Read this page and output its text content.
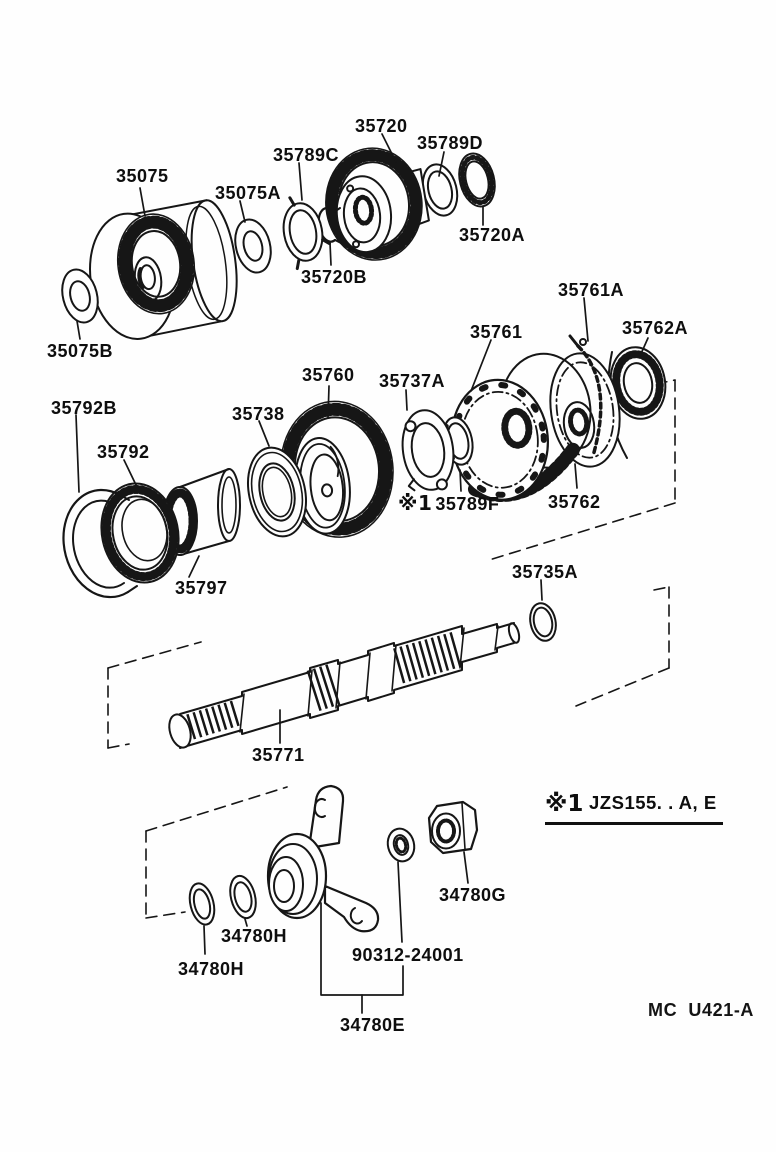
35720
35789C
35789D
35075
35075A
35720A
35720B
35075B
35761A
35761	35762A
35760 35737A
35792B	35738
35792
※1 35789F	35762
35797
35735A
35771
34780H
34780H
34780G
90312-24001
34780E
※1 JZS155. . A, E
MC  U421-A
